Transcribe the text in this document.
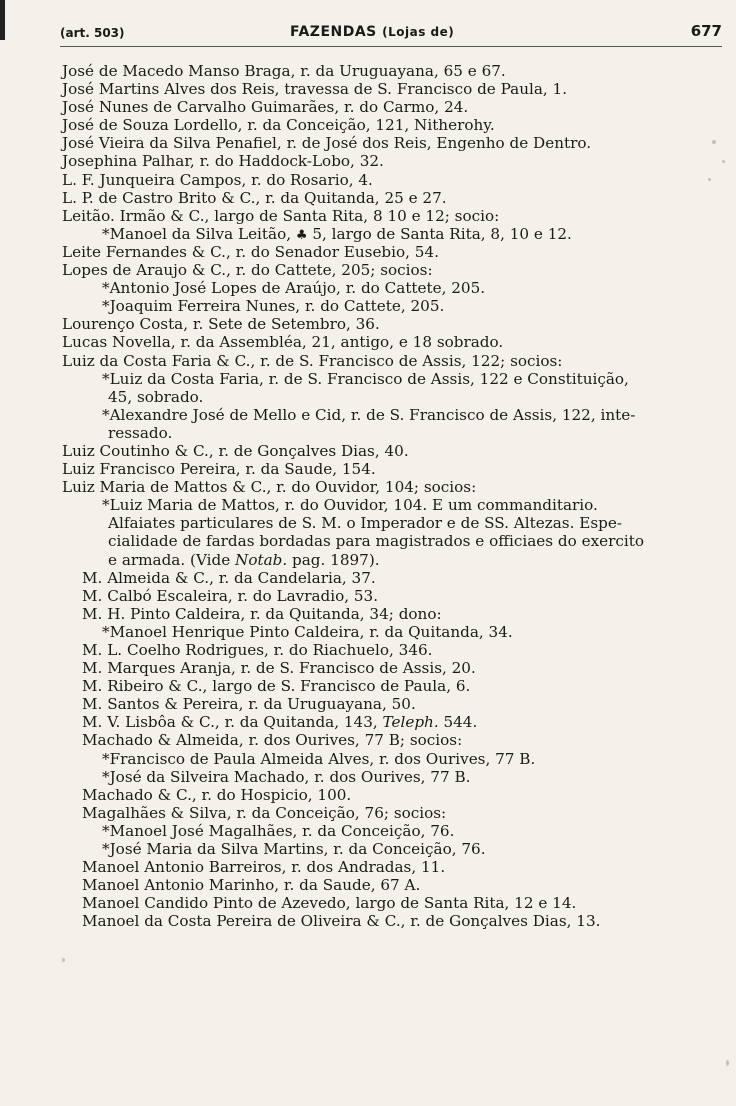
(art. 503)	FAZENDAS (Lojas de)	677
José de Macedo Manso Braga, r. da Uruguayana, 65 e 67.
José Martins Alves dos Reis, travessa de S. Francisco de Paula, 1.
José Nunes de Carvalho Guimarães, r. do Carmo, 24.
José de Souza Lordello, r. da Conceição, 121, Nitherohy.
José Vieira da Silva Penafiel, r. de José dos Reis, Engenho de Dentro.
Josephina Palhar, r. do Haddock-Lobo, 32.
L. F. Junqueira Campos, r. do Rosario, 4.
L. P. de Castro Brito & C., r. da Quitanda, 25 e 27.
Leitão. Irmão & C., largo de Santa Rita, 8 10 e 12; socio:
*Manoel da Silva Leitão, ♣ 5, largo de Santa Rita, 8, 10 e 12.
Leite Fernandes & C., r. do Senador Eusebio, 54.
Lopes de Araujo & C., r. do Cattete, 205; socios:
*Antonio José Lopes de Araújo, r. do Cattete, 205.
*Joaquim Ferreira Nunes, r. do Cattete, 205.
Lourenço Costa, r. Sete de Setembro, 36.
Lucas Novella, r. da Assembléa, 21, antigo, e 18 sobrado.
Luiz da Costa Faria & C., r. de S. Francisco de Assis, 122; socios:
*Luiz da Costa Faria, r. de S. Francisco de Assis, 122 e Constituição,
45, sobrado.
*Alexandre José de Mello e Cid, r. de S. Francisco de Assis, 122, inte-
ressado.
Luiz Coutinho & C., r. de Gonçalves Dias, 40.
Luiz Francisco Pereira, r. da Saude, 154.
Luiz Maria de Mattos & C., r. do Ouvidor, 104; socios:
*Luiz Maria de Mattos, r. do Ouvidor, 104. E um commanditario.
Alfaiates particulares de S. M. o Imperador e de SS. Altezas. Espe-
cialidade de fardas bordadas para magistrados e officiaes do exercito
e armada. (Vide Notab. pag. 1897).
M. Almeida & C., r. da Candelaria, 37.
M. Calbó Escaleira, r. do Lavradio, 53.
M. H. Pinto Caldeira, r. da Quitanda, 34; dono:
*Manoel Henrique Pinto Caldeira, r. da Quitanda, 34.
M. L. Coelho Rodrigues, r. do Riachuelo, 346.
M. Marques Aranja, r. de S. Francisco de Assis, 20.
M. Ribeiro & C., largo de S. Francisco de Paula, 6.
M. Santos & Pereira, r. da Uruguayana, 50.
M. V. Lisbôa & C., r. da Quitanda, 143, Teleph. 544.
Machado & Almeida, r. dos Ourives, 77 B; socios:
*Francisco de Paula Almeida Alves, r. dos Ourives, 77 B.
*José da Silveira Machado, r. dos Ourives, 77 B.
Machado & C., r. do Hospicio, 100.
Magalhães & Silva, r. da Conceição, 76; socios:
*Manoel José Magalhães, r. da Conceição, 76.
*José Maria da Silva Martins, r. da Conceição, 76.
Manoel Antonio Barreiros, r. dos Andradas, 11.
Manoel Antonio Marinho, r. da Saude, 67 A.
Manoel Candido Pinto de Azevedo, largo de Santa Rita, 12 e 14.
Manoel da Costa Pereira de Oliveira & C., r. de Gonçalves Dias, 13.
